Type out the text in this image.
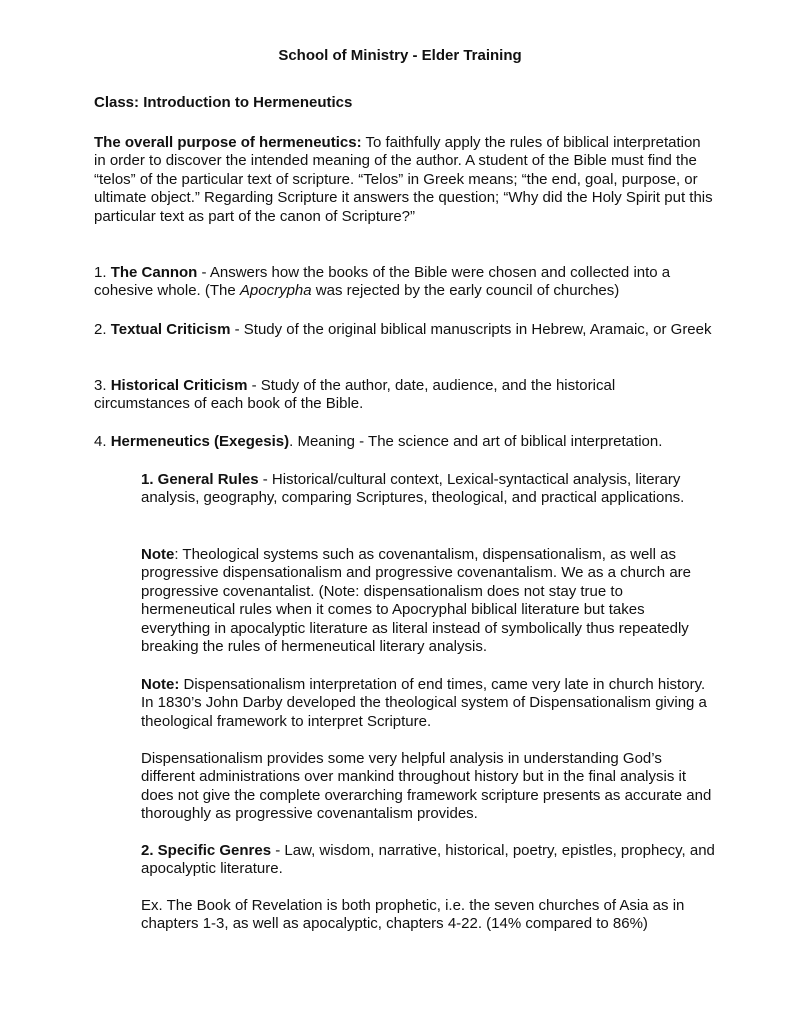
School of Ministry - Elder Training

Class: Introduction to Hermeneutics

The overall purpose of hermeneutics: To faithfully apply the rules of biblical interpretation in order to discover the intended meaning of the author. A student of the Bible must find the “telos” of the particular text of scripture. “Telos” in Greek means; “the end, goal, purpose, or ultimate object.” Regarding Scripture it answers the question; “Why did the Holy Spirit put this particular text as part of the canon of Scripture?”

1. The Cannon - Answers how the books of the Bible were chosen and collected into a cohesive whole. (The Apocrypha was rejected by the early council of churches)

2. Textual Criticism - Study of the original biblical manuscripts in Hebrew, Aramaic, or Greek

3. Historical Criticism - Study of the author, date, audience, and the historical circumstances of each book of the Bible.

4. Hermeneutics (Exegesis). Meaning - The science and art of biblical interpretation.

1. General Rules - Historical/cultural context, Lexical-syntactical analysis, literary analysis, geography, comparing Scriptures, theological, and practical applications.

Note: Theological systems such as covenantalism, dispensationalism, as well as progressive dispensationalism and progressive covenantalism. We as a church are progressive covenantalist. (Note: dispensationalism does not stay true to hermeneutical rules when it comes to Apocryphal biblical literature but takes everything in apocalyptic literature as literal instead of symbolically thus repeatedly breaking the rules of hermeneutical literary analysis.

Note: Dispensationalism interpretation of end times, came very late in church history. In 1830’s John Darby developed the theological system of Dispensationalism giving a theological framework to interpret Scripture.

Dispensationalism provides some very helpful analysis in understanding God’s different administrations over mankind throughout history but in the final analysis it does not give the complete overarching framework scripture presents as accurate and thoroughly as progressive covenantalism provides.

2. Specific Genres - Law, wisdom, narrative, historical, poetry, epistles, prophecy, and apocalyptic literature.

Ex. The Book of Revelation is both prophetic, i.e. the seven churches of Asia as in chapters 1-3, as well as apocalyptic, chapters 4-22. (14% compared to 86%)
